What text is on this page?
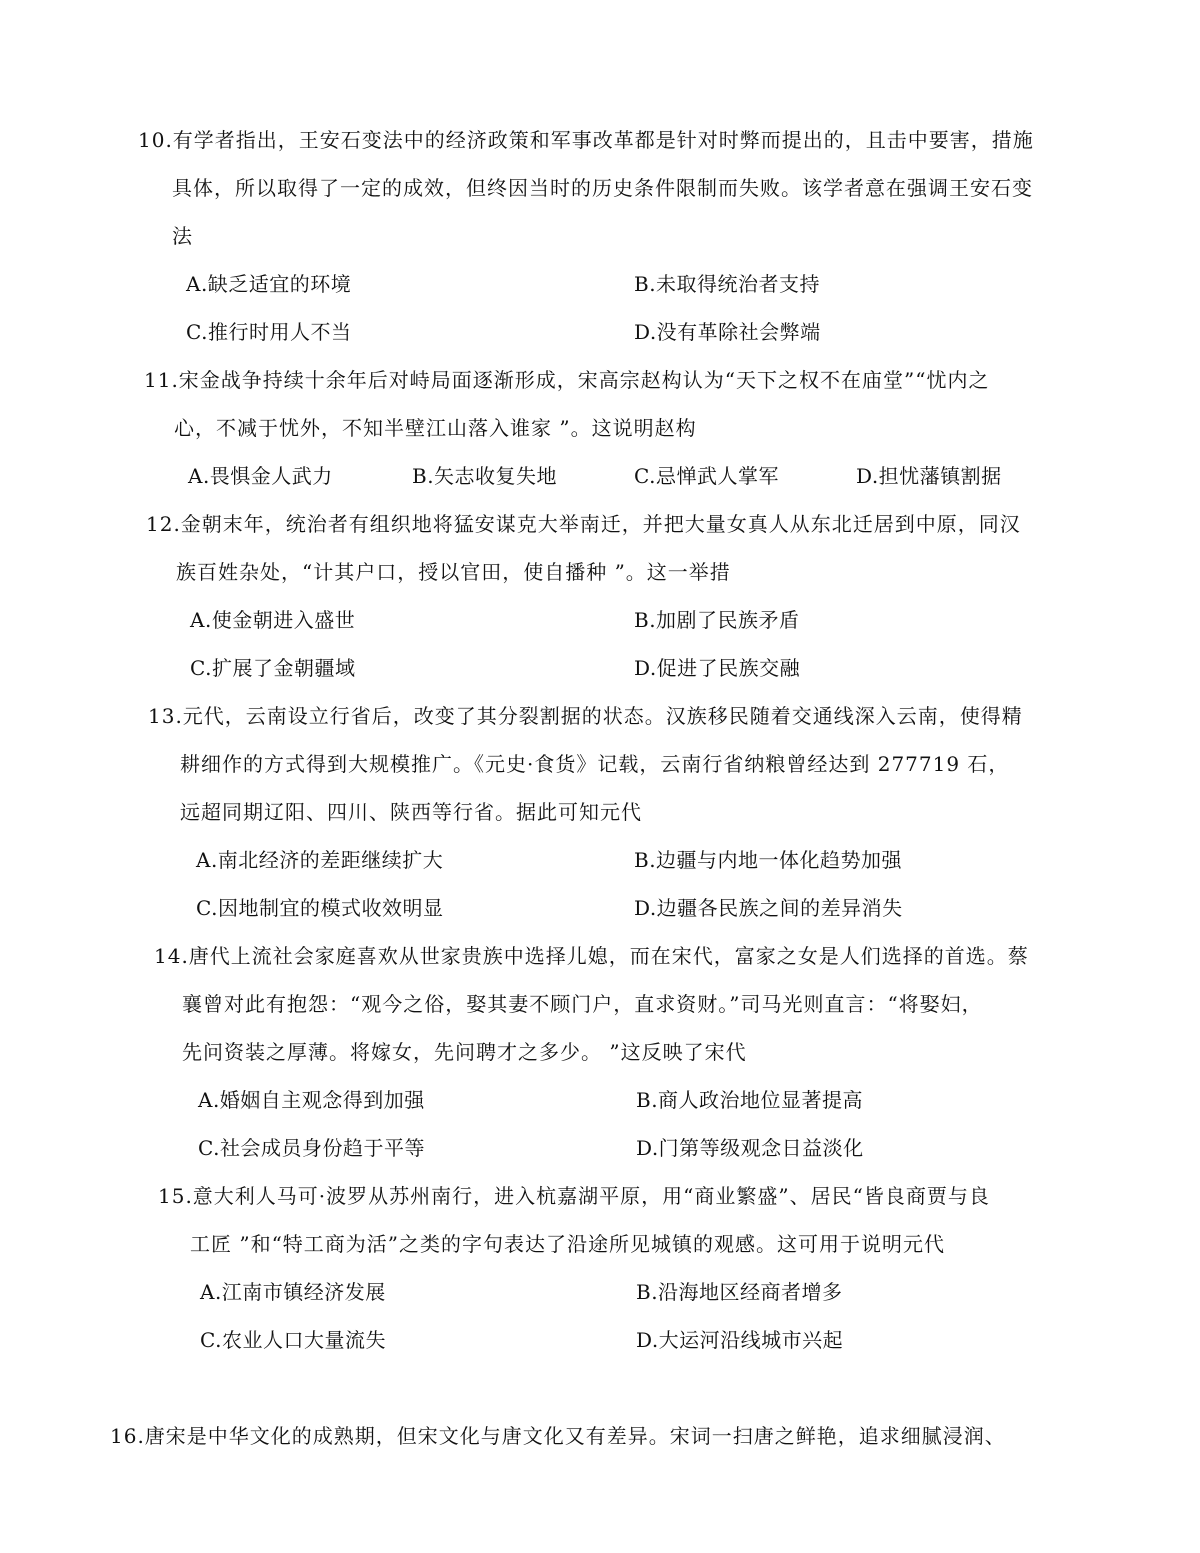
10.有学者指出，王安石变法中的经济政策和军事改革都是针对时弊而提出的，且击中要害，措施
具体，所以取得了一定的成效，但终因当时的历史条件限制而失败。该学者意在强调王安石变
法
A.缺乏适宜的环境	B.未取得统治者支持
C.推行时用人不当	D.没有革除社会弊端
11.宋金战争持续十余年后对峙局面逐渐形成，宋高宗赵构认为“天下之权不在庙堂”“忧内之
心，不减于忧外，不知半壁江山落入谁家 ”。这说明赵构
A.畏惧金人武力	B.矢志收复失地	C.忌惮武人掌军	D.担忧藩镇割据
12.金朝末年，统治者有组织地将猛安谋克大举南迁，并把大量女真人从东北迁居到中原，同汉
族百姓杂处，“计其户口，授以官田，使自播种 ”。这一举措
A.使金朝进入盛世	B.加剧了民族矛盾
C.扩展了金朝疆域	D.促进了民族交融
13.元代，云南设立行省后，改变了其分裂割据的状态。汉族移民随着交通线深入云南，使得精
耕细作的方式得到大规模推广。《元史·食货》记载，云南行省纳粮曾经达到 277719 石，
远超同期辽阳、四川、陕西等行省。据此可知元代
A.南北经济的差距继续扩大	B.边疆与内地一体化趋势加强
C.因地制宜的模式收效明显	D.边疆各民族之间的差异消失
14.唐代上流社会家庭喜欢从世家贵族中选择儿媳，而在宋代，富家之女是人们选择的首选。蔡
襄曾对此有抱怨：“观今之俗，娶其妻不顾门户，直求资财。”司马光则直言：“将娶妇，
先问资装之厚薄。将嫁女，先问聘才之多少。 ”这反映了宋代
A.婚姻自主观念得到加强	B.商人政治地位显著提高
C.社会成员身份趋于平等	D.门第等级观念日益淡化
15.意大利人马可·波罗从苏州南行，进入杭嘉湖平原，用“商业繁盛”、居民“皆良商贾与良
工匠 ”和“特工商为活”之类的字句表达了沿途所见城镇的观感。这可用于说明元代
A.江南市镇经济发展	B.沿海地区经商者增多
C.农业人口大量流失	D.大运河沿线城市兴起
16.唐宋是中华文化的成熟期，但宋文化与唐文化又有差异。宋词一扫唐之鲜艳，追求细腻浸润、
